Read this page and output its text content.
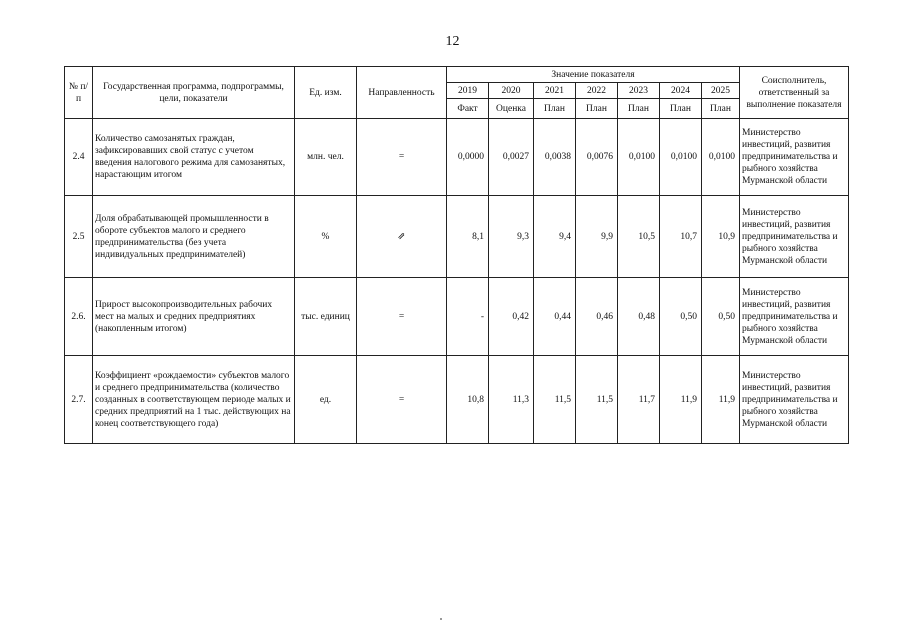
12
№ п/п	Государственная программа, подпрограммы, цели, показатели	Ед. изм.	Направленность	Значение показателя							Соисполнитель, ответственный за выполнение показателя
				2019	2020	2021	2022	2023	2024	2025	
				Факт	Оценка	План	План	План	План	План	
2.4	Количество самозанятых граждан, зафиксировавших свой статус с учетом введения налогового режима для самозанятых, нарастающим итогом	млн. чел.	=	0,0000	0,0027	0,0038	0,0076	0,0100	0,0100	0,0100	Министерство инвестиций, развития предпринимательства и рыбного хозяйства Мурманской области
2.5	Доля обрабатывающей промышленности в обороте субъектов малого и среднего предпринимательства (без учета индивидуальных предпринимателей)	%	⇗	8,1	9,3	9,4	9,9	10,5	10,7	10,9	Министерство инвестиций, развития предпринимательства и рыбного хозяйства Мурманской области
2.6.	Прирост высокопроизводительных рабочих мест на малых и средних предприятиях (накопленным итогом)	тыс. единиц	=	-	0,42	0,44	0,46	0,48	0,50	0,50	Министерство инвестиций, развития предпринимательства и рыбного хозяйства Мурманской области
2.7.	Коэффициент «рождаемости» субъектов малого и среднего предпринимательства (количество созданных в соответствующем периоде малых и средних предприятий на 1 тыс. действующих на конец соответствующего года)	ед.	=	10,8	11,3	11,5	11,5	11,7	11,9	11,9	Министерство инвестиций, развития предпринимательства и рыбного хозяйства Мурманской области
